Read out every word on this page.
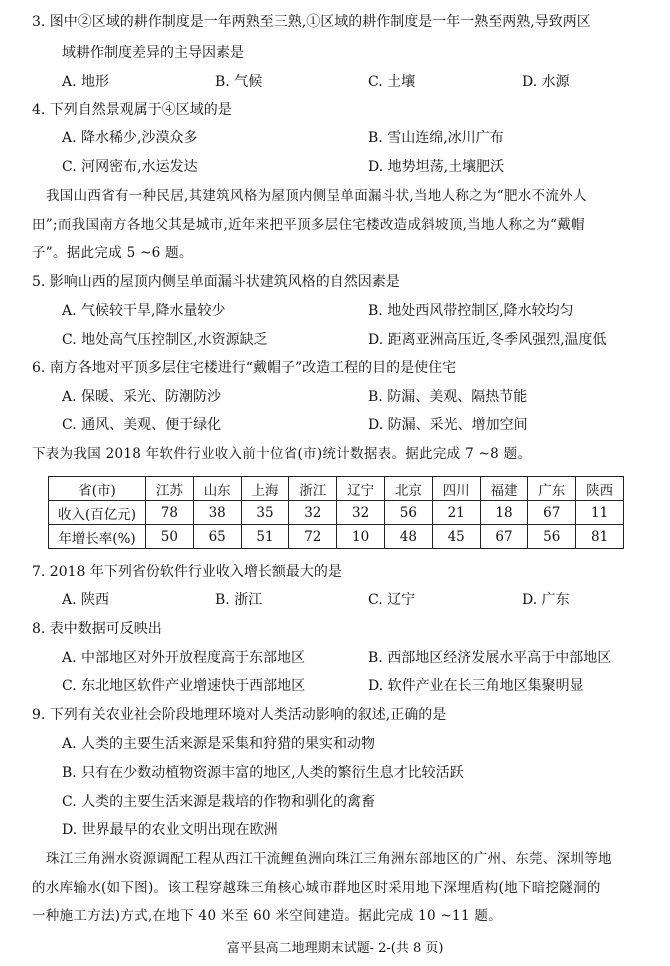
3. 图中②区域的耕作制度是一年两熟至三熟,①区域的耕作制度是一年一熟至两熟,导致两区
域耕作制度差异的主导因素是
A. 地形	B. 气候	C. 土壤	D. 水源
4. 下列自然景观属于④区域的是
A. 降水稀少,沙漠众多	B. 雪山连绵,冰川广布
C. 河网密布,水运发达	D. 地势坦荡,土壤肥沃
我国山西省有一种民居,其建筑风格为屋顶内侧呈单面漏斗状,当地人称之为“肥水不流外人
田”;而我国南方各地父其是城市,近年来把平顶多层住宅楼改造成斜坡顶,当地人称之为“戴帽
子”。据此完成 5 ~6 题。
5. 影响山西的屋顶内侧呈单面漏斗状建筑风格的自然因素是
A. 气候较干旱,降水量较少	B. 地处西风带控制区,降水较均匀
C. 地处高气压控制区,水资源缺乏	D. 距离亚洲高压近,冬季风强烈,温度低
6. 南方各地对平顶多层住宅楼进行“戴帽子”改造工程的目的是使住宅
A. 保暖、采光、防潮防沙	B. 防漏、美观、隔热节能
C. 通风、美观、便于绿化	D. 防漏、采光、增加空间
下表为我国 2018 年软件行业收入前十位省(市)统计数据表。据此完成 7 ~8 题。
省(市)	江苏	山东	上海	浙江	辽宁	北京	四川	福建	广东	陕西
收入(百亿元)	78	38	35	32	32	56	21	18	67	11
年增长率(%)	50	65	51	72	10	48	45	67	56	81
7. 2018 年下列省份软件行业收入增长额最大的是
A. 陕西	B. 浙江	C. 辽宁	D. 广东
8. 表中数据可反映出
A. 中部地区对外开放程度高于东部地区	B. 西部地区经济发展水平高于中部地区
C. 东北地区软件产业增速快于西部地区	D. 软件产业在长三角地区集聚明显
9. 下列有关农业社会阶段地理环境对人类活动影响的叙述,正确的是
A. 人类的主要生活来源是采集和狩猎的果实和动物
B. 只有在少数动植物资源丰富的地区,人类的繁衍生息才比较活跃
C. 人类的主要生活来源是栽培的作物和驯化的禽畜
D. 世界最早的农业文明出现在欧洲
珠江三角洲水资源调配工程从西江干流鲤鱼洲向珠江三角洲东部地区的广州、东莞、深圳等地
的水库输水(如下图)。该工程穿越珠三角核心城市群地区时采用地下深埋盾构(地下暗挖隧洞的
一种施工方法)方式,在地下 40 米至 60 米空间建造。据此完成 10 ~11 题。
富平县高二地理期末试题- 2-(共 8 页)
